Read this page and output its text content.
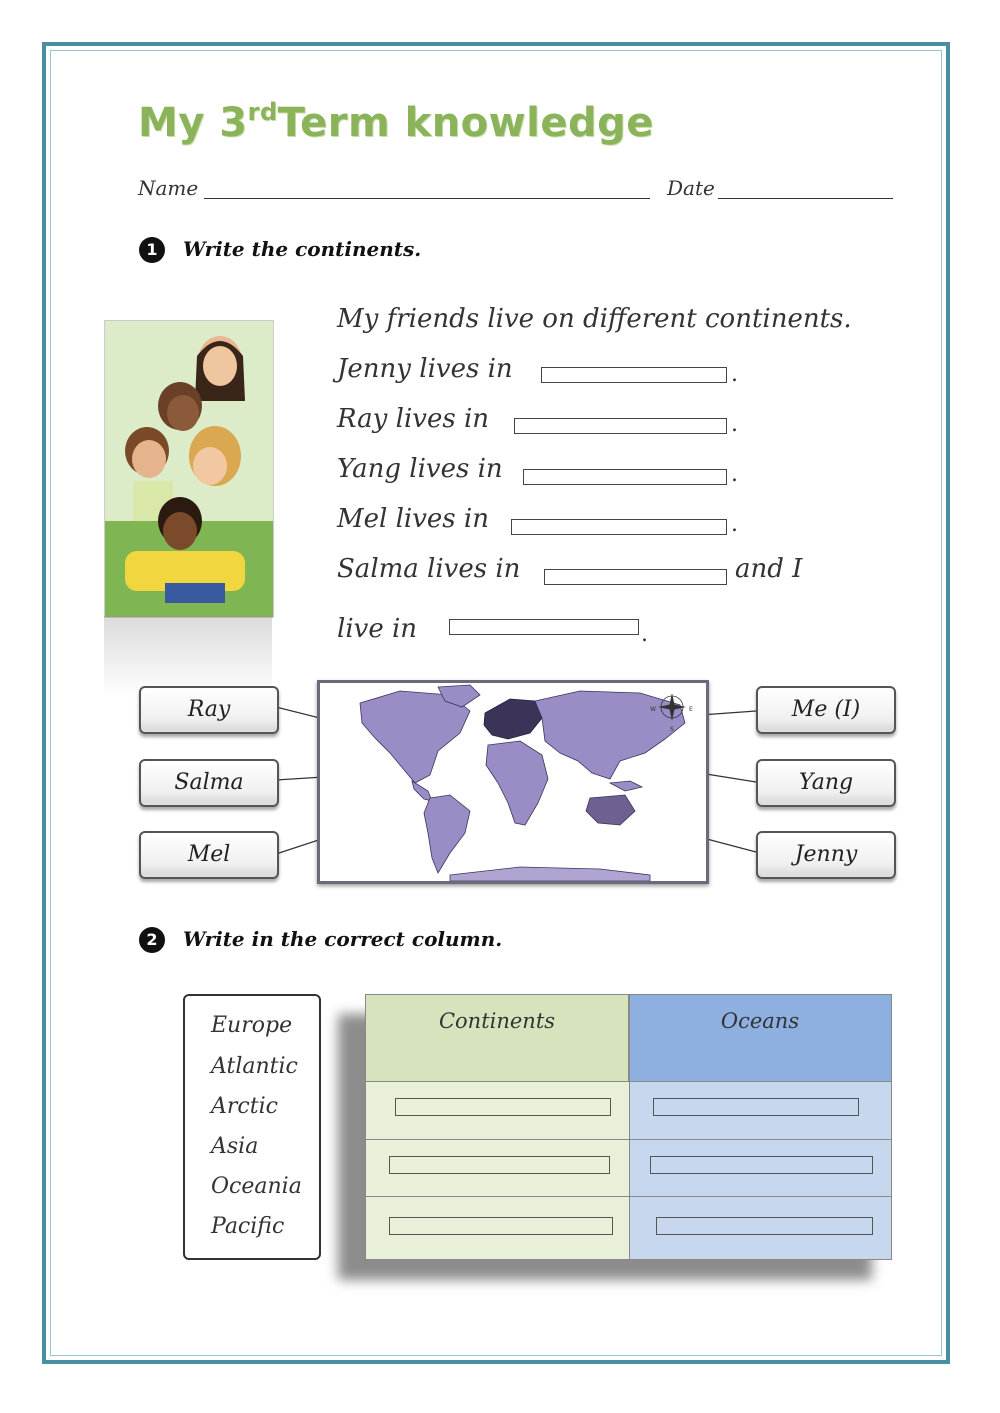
My 3rdTerm knowledge
Name	Date
1	Write the continents.
My friends live on different continents.
Jenny lives in	.
Ray lives in	.
Yang lives in	.
Mel lives in	.
Salma lives in	and I
live in	.
W	E
S
Ray
Salma
Mel
Me (I)
Yang
Jenny
2	Write in the correct column.
Europe
Atlantic
Arctic
Asia
Oceania
Pacific
Continents	Oceans
